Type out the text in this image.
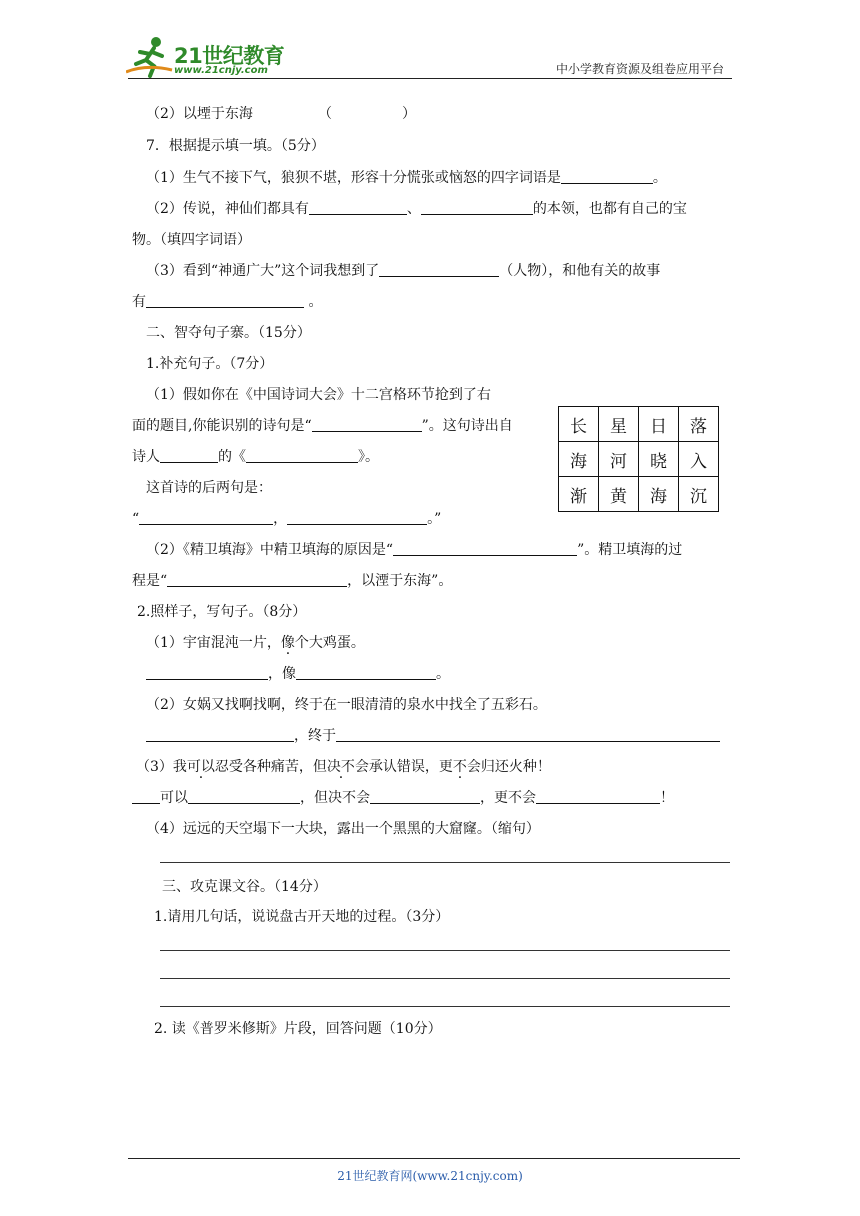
21世纪教育
www.21cnjy.com	中小学教育资源及组卷应用平台
（2）以堙于东海	（　　　　　）
7．根据提示填一填。（5分）
（1）生气不接下气，狼狈不堪，形容十分慌张或恼怒的四字词语是	。
（2）传说，神仙们都具有	、	的本领，也都有自己的宝
物。（填四字词语）
（3）看到“神通广大”这个词我想到了	（人物），和他有关的故事
有	。
二、智夺句子寨。（15分）
1.补充句子。（7分）
（1）假如你在《中国诗词大会》十二宫格环节抢到了右
面的题目,你能识别的诗句是“	”。这句诗出自
诗人	的《	》。
这首诗的后两句是：
“	，	。”
长	星	日	落
海	河	晓	入
渐	黄	海	沉
（2）《精卫填海》中精卫填海的原因是“	”。精卫填海的过
程是“	，以湮于东海”。
2.照样子，写句子。（8分）
（1）宇宙混沌一片，像个大鸡蛋。
，像	。
（2）女娲又找啊找啊，终于在一眼清清的泉水中找全了五彩石。
，终于
（3）我可以忍受各种痛苦，但决不会承认错误，更不会归还火种！
可以	，但决不会	，更不会	！
（4）远远的天空塌下一大块，露出一个黑黑的大窟窿。（缩句）
三、攻克课文谷。（14分）
1.请用几句话，说说盘古开天地的过程。（3分）
2. 读《普罗米修斯》片段，回答问题（10分）
21世纪教育网(www.21cnjy.com)
